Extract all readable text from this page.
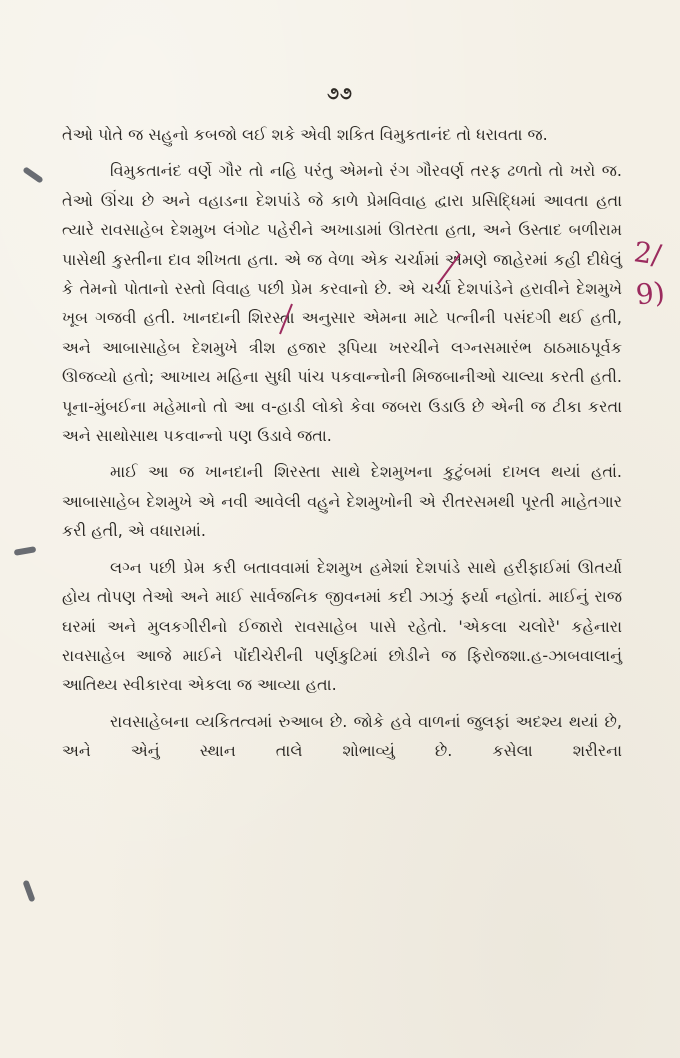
૭૭

તેઓ પોતે જ સહુનો કબજો લઈ શકે એવી શકિત વિમુકતાનંદ તો ધરાવતા જ.

વિમુકતાનંદ વર્ણે ગૌર તો નહિ પરંતુ એમનો રંગ ગૌરવર્ણ તરફ ઢળતો તો ખરો જ. તેઓ ઊંચા છે અને વહાડના દેશપાંડે જે કાળે પ્રેમવિવાહ દ્વારા પ્રસિદ્ધિમાં આવતા હતા ત્યારે રાવસાહેબ દેશમુખ લંગોટ પહેરીને અખાડામાં ઊતરતા હતા, અને ઉસ્તાદ બળીરામ પાસેથી કુસ્તીના દાવ શીખતા હતા. એ જ વેળા એક ચર્ચામાં એમણે જાહેરમાં કહી દીધેલું કે તેમનો પોતાનો રસ્તો વિવાહ પછી પ્રેમ કરવાનો છે. એ ચર્ચા દેશપાંડેને હરાવીને દેશમુખે ખૂબ ગજવી હતી. ખાનદાની શિરસ્તા અનુસાર એમના માટે પત્નીની પસંદગી થઈ હતી, અને આબાસાહેબ દેશમુખે ત્રીશ હજાર રૂપિયા ખરચીને લગ્નસમારંભ ઠાઠમાઠપૂર્વક ઊજવ્યો હતો; આખાય મહિના સુધી પાંચ પકવાન્નોની મિજબાનીઓ ચાલ્યા કરતી હતી. પૂના-મુંબઈના મહેમાનો તો આ વ-હાડી લોકો કેવા જબરા ઉડાઉ છે એની જ ટીકા કરતા અને સાથોસાથ પકવાન્નો પણ ઉડાવે જતા.

માઈ આ જ ખાનદાની શિરસ્તા સાથે દેશમુખના કુટુંબમાં દાખલ થયાં હતાં. આબાસાહેબ દેશમુખે એ નવી આવેલી વહુને દેશમુખોની એ રીતરસમથી પૂરતી માહેતગાર કરી હતી, એ વધારામાં.

લગ્ન પછી પ્રેમ કરી બતાવવામાં દેશમુખ હમેશાં દેશપાંડે સાથે હરીફાઈમાં ઊતર્યા હોય તોપણ તેઓ અને માઈ સાર્વજનિક જીવનમાં કદી ઝાઝું ફર્યા નહોતાં. માઈનું રાજ ઘરમાં અને મુલકગીરીનો ઈજારો રાવસાહેબ પાસે રહેતો. 'એકલા ચલોરે' કહેનારા રાવસાહેબ આજે માઈને પોંદીચેરીની પર્ણકુટિમાં છોડીને જ ફિરોજશા.હ-ઝાબવાલાનું આતિથ્ય સ્વીકારવા એકલા જ આવ્યા હતા.

રાવસાહેબના વ્યકિતત્વમાં રુઆબ છે. જોકે હવે વાળનાં જુલફાં અદશ્ય થયાં છે, અને એનું સ્થાન તાલે શોભાવ્યું છે. કસેલા શરીરના

2/
9)
